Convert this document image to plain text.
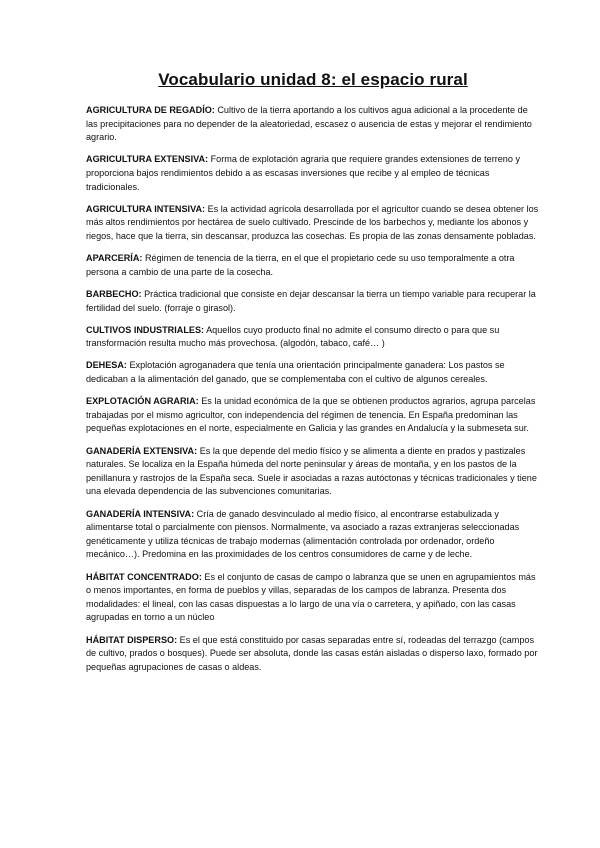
Vocabulario unidad 8: el espacio rural

AGRICULTURA DE REGADÍO: Cultivo de la tierra aportando a los cultivos agua adicional a la procedente de las precipitaciones para no depender de la aleatoriedad, escasez o ausencia de estas y mejorar el rendimiento agrario.

AGRICULTURA EXTENSIVA: Forma de explotación agraria que requiere grandes extensiones de terreno y proporciona bajos rendimientos debido a as escasas inversiones que recibe y al empleo de técnicas tradicionales.

AGRICULTURA INTENSIVA: Es la actividad agrícola desarrollada por el agricultor cuando se desea obtener los más altos rendimientos por hectárea de suelo cultivado. Prescinde de los barbechos y, mediante los abonos y riegos, hace que la tierra, sin descansar, produzca las cosechas. Es propia de las zonas densamente pobladas.

APARCERÍA: Régimen de tenencia de la tierra, en el que el propietario cede su uso temporalmente a otra persona a cambio de una parte de la cosecha.

BARBECHO: Práctica tradicional que consiste en dejar descansar la tierra un tiempo variable para recuperar la fertilidad del suelo. (forraje o girasol).

CULTIVOS INDUSTRIALES: Aquellos cuyo producto final no admite el consumo directo o para que su transformación resulta mucho más provechosa. (algodón, tabaco, café… )

DEHESA: Explotación agroganadera que tenía una orientación principalmente ganadera: Los pastos se dedicaban a la alimentación del ganado, que se complementaba con el cultivo de algunos cereales.

EXPLOTACIÓN AGRARIA: Es la unidad económica de la que se obtienen productos agrarios, agrupa parcelas trabajadas por el mismo agricultor, con independencia del régimen de tenencia. En España predominan las pequeñas explotaciones en el norte, especialmente en Galicia y las grandes en Andalucía y la submeseta sur.

GANADERÍA EXTENSIVA: Es la que depende del medio físico y se alimenta a diente en prados y pastizales naturales. Se localiza en la España húmeda del norte peninsular y áreas de montaña, y en los pastos de la penillanura y rastrojos de la España seca. Suele ir asociadas a razas autóctonas y técnicas tradicionales y tiene una elevada dependencia de las subvenciones comunitarias.

GANADERÍA INTENSIVA: Cría de ganado desvinculado al medio físico, al encontrarse estabulizada y alimentarse total o parcialmente con piensos. Normalmente, va asociado a razas extranjeras seleccionadas genéticamente y utiliza técnicas de trabajo modernas (alimentación controlada por ordenador, ordeño mecánico…). Predomina en las proximidades de los centros consumidores de carne y de leche.

HÁBITAT CONCENTRADO: Es el conjunto de casas de campo o labranza que se unen en agrupamientos más o menos importantes, en forma de pueblos y villas, separadas de los campos de labranza. Presenta dos modalidades: el lineal, con las casas dispuestas a lo largo de una vía o carretera, y apiñado, con las casas agrupadas en torno a un núcleo

HÁBITAT DISPERSO: Es el que está constituido por casas separadas entre sí, rodeadas del terrazgo (campos de cultivo, prados o bosques). Puede ser absoluta, donde las casas están aisladas o disperso laxo, formado por pequeñas agrupaciones de casas o aldeas.
